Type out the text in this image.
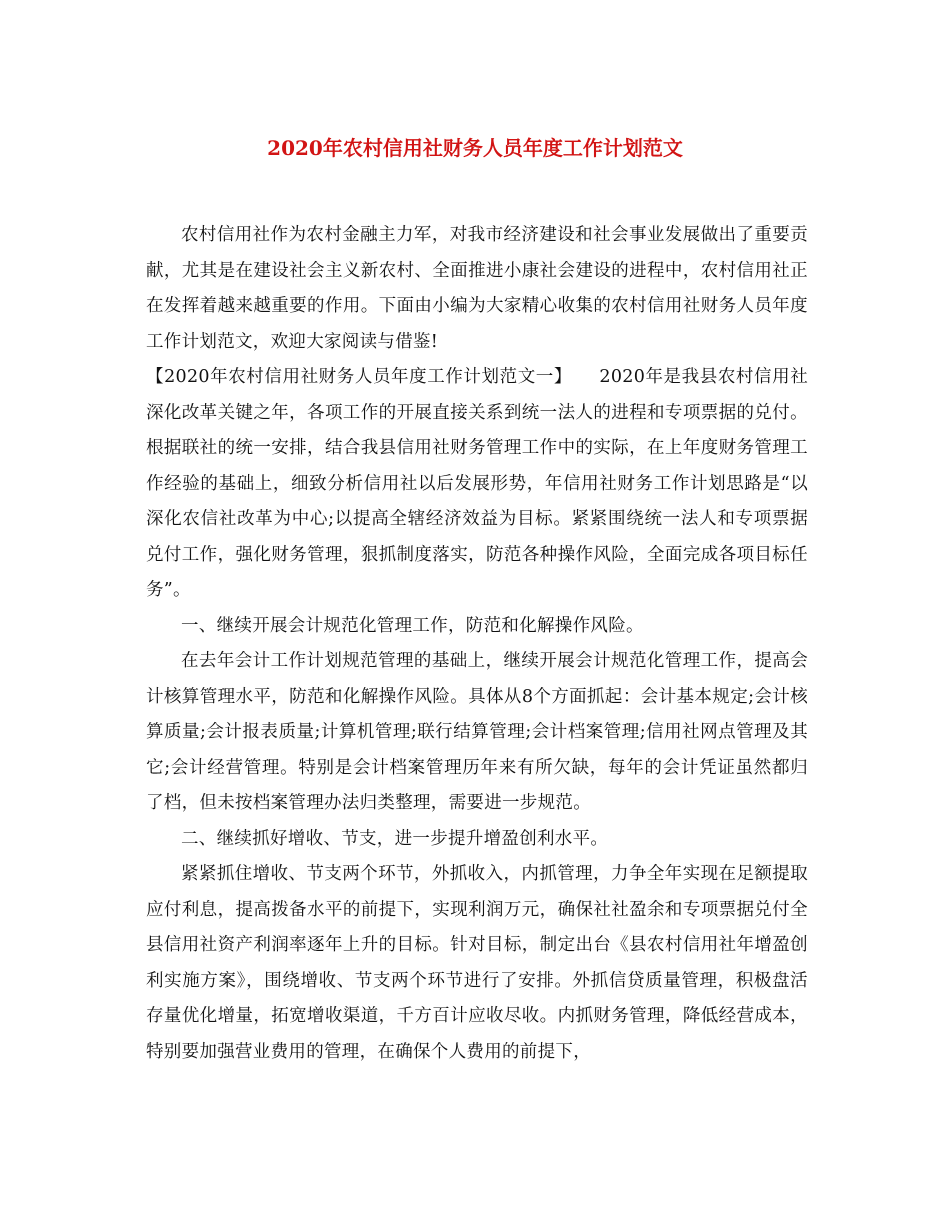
2020年农村信用社财务人员年度工作计划范文

农村信用社作为农村金融主力军，对我市经济建设和社会事业发展做出了重要贡献，尤其是在建设社会主义新农村、全面推进小康社会建设的进程中，农村信用社正在发挥着越来越重要的作用。下面由小编为大家精心收集的农村信用社财务人员年度工作计划范文，欢迎大家阅读与借鉴!

【2020年农村信用社财务人员年度工作计划范文一】　　2020年是我县农村信用社深化改革关键之年，各项工作的开展直接关系到统一法人的进程和专项票据的兑付。根据联社的统一安排，结合我县信用社财务管理工作中的实际，在上年度财务管理工作经验的基础上，细致分析信用社以后发展形势，年信用社财务工作计划思路是“以深化农信社改革为中心;以提高全辖经济效益为目标。紧紧围绕统一法人和专项票据兑付工作，强化财务管理，狠抓制度落实，防范各种操作风险，全面完成各项目标任务”。

一、继续开展会计规范化管理工作，防范和化解操作风险。

在去年会计工作计划规范管理的基础上，继续开展会计规范化管理工作，提高会计核算管理水平，防范和化解操作风险。具体从8个方面抓起：会计基本规定;会计核算质量;会计报表质量;计算机管理;联行结算管理;会计档案管理;信用社网点管理及其它;会计经营管理。特别是会计档案管理历年来有所欠缺，每年的会计凭证虽然都归了档，但未按档案管理办法归类整理，需要进一步规范。

二、继续抓好增收、节支，进一步提升增盈创利水平。

紧紧抓住增收、节支两个环节，外抓收入，内抓管理，力争全年实现在足额提取应付利息，提高拨备水平的前提下，实现利润万元，确保社社盈余和专项票据兑付全县信用社资产利润率逐年上升的目标。针对目标，制定出台《县农村信用社年增盈创利实施方案》，围绕增收、节支两个环节进行了安排。外抓信贷质量管理，积极盘活存量优化增量，拓宽增收渠道，千方百计应收尽收。内抓财务管理，降低经营成本，特别要加强营业费用的管理，在确保个人费用的前提下，
